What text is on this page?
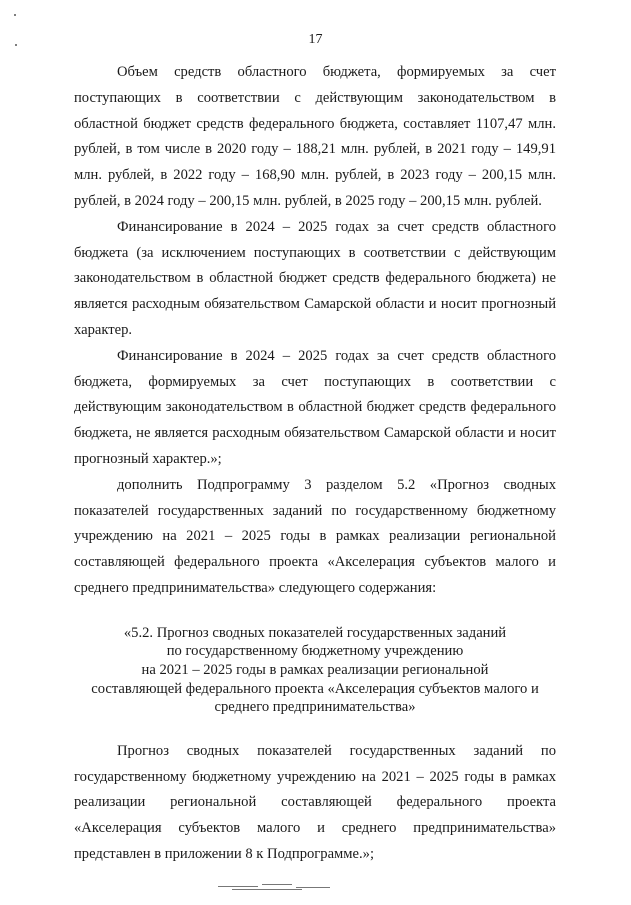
17

Объем средств областного бюджета, формируемых за счет поступающих в соответствии с действующим законодательством в областной бюджет средств федерального бюджета, составляет 1107,47 млн. рублей, в том числе в 2020 году – 188,21 млн. рублей, в 2021 году – 149,91 млн. рублей, в 2022 году – 168,90 млн. рублей, в 2023 году – 200,15 млн. рублей, в 2024 году – 200,15 млн. рублей, в 2025 году – 200,15 млн. рублей.

Финансирование в 2024 – 2025 годах за счет средств областного бюджета (за исключением поступающих в соответствии с действующим законодательством в областной бюджет средств федерального бюджета) не является расходным обязательством Самарской области и носит прогнозный характер.

Финансирование в 2024 – 2025 годах за счет средств областного бюджета, формируемых за счет поступающих в соответствии с действующим законодательством в областной бюджет средств федерального бюджета, не является расходным обязательством Самарской области и носит прогнозный характер.»;

дополнить Подпрограмму 3 разделом 5.2 «Прогноз сводных показателей государственных заданий по государственному бюджетному учреждению на 2021 – 2025 годы в рамках реализации региональной составляющей федерального проекта «Акселерация субъектов малого и среднего предпринимательства» следующего содержания:

«5.2. Прогноз сводных показателей государственных заданий
по государственному бюджетному учреждению
на 2021 – 2025 годы в рамках реализации региональной
составляющей федерального проекта «Акселерация субъектов малого и
среднего предпринимательства»

Прогноз сводных показателей государственных заданий по государственному бюджетному учреждению на 2021 – 2025 годы в рамках реализации региональной составляющей федерального проекта «Акселерация субъектов малого и среднего предпринимательства» представлен в приложении 8 к Подпрограмме.»;
